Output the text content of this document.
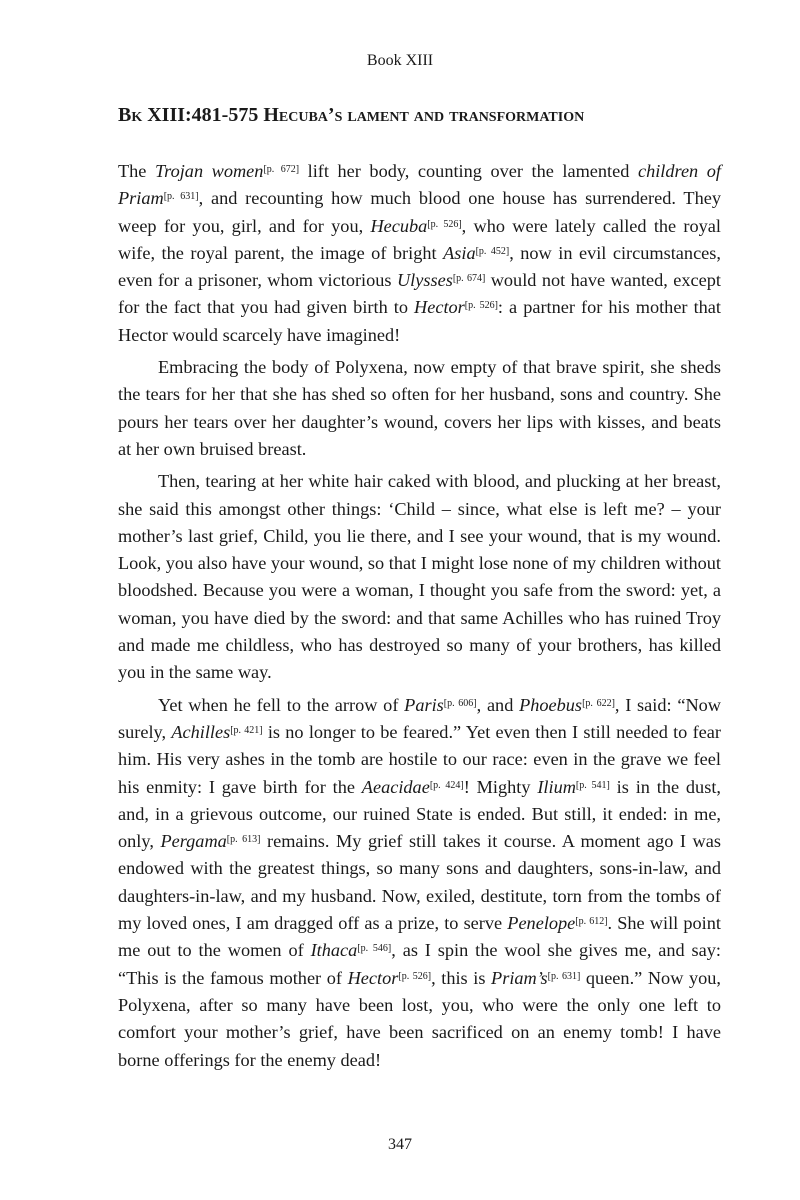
Book XIII
Bk XIII:481-575 Hecuba’s lament and transformation

The Trojan women[p. 672] lift her body, counting over the lamented children of Priam[p. 631], and recounting how much blood one house has surrendered. They weep for you, girl, and for you, Hecuba[p. 526], who were lately called the royal wife, the royal parent, the image of bright Asia[p. 452], now in evil circumstances, even for a prisoner, whom victorious Ulysses[p. 674] would not have wanted, except for the fact that you had given birth to Hector[p. 526]: a partner for his mother that Hector would scarcely have imagined!

Embracing the body of Polyxena, now empty of that brave spirit, she sheds the tears for her that she has shed so often for her husband, sons and country. She pours her tears over her daughter’s wound, covers her lips with kisses, and beats at her own bruised breast.

Then, tearing at her white hair caked with blood, and plucking at her breast, she said this amongst other things: ‘Child – since, what else is left me? – your mother’s last grief, Child, you lie there, and I see your wound, that is my wound. Look, you also have your wound, so that I might lose none of my children without bloodshed. Because you were a woman, I thought you safe from the sword: yet, a woman, you have died by the sword: and that same Achilles who has ruined Troy and made me childless, who has destroyed so many of your brothers, has killed you in the same way.

Yet when he fell to the arrow of Paris[p. 606], and Phoebus[p. 622], I said: “Now surely, Achilles[p. 421] is no longer to be feared.” Yet even then I still needed to fear him. His very ashes in the tomb are hostile to our race: even in the grave we feel his enmity: I gave birth for the Aeacidae[p. 424]! Mighty Ilium[p. 541] is in the dust, and, in a grievous outcome, our ruined State is ended. But still, it ended: in me, only, Pergama[p. 613] remains. My grief still takes it course. A moment ago I was endowed with the greatest things, so many sons and daughters, sons-in-law, and daughters-in-law, and my husband. Now, exiled, destitute, torn from the tombs of my loved ones, I am dragged off as a prize, to serve Penelope[p. 612]. She will point me out to the women of Ithaca[p. 546], as I spin the wool she gives me, and say: “This is the famous mother of Hector[p. 526], this is Priam’s[p. 631] queen.” Now you, Polyxena, after so many have been lost, you, who were the only one left to comfort your mother’s grief, have been sacrificed on an enemy tomb! I have borne offerings for the enemy dead!

347
